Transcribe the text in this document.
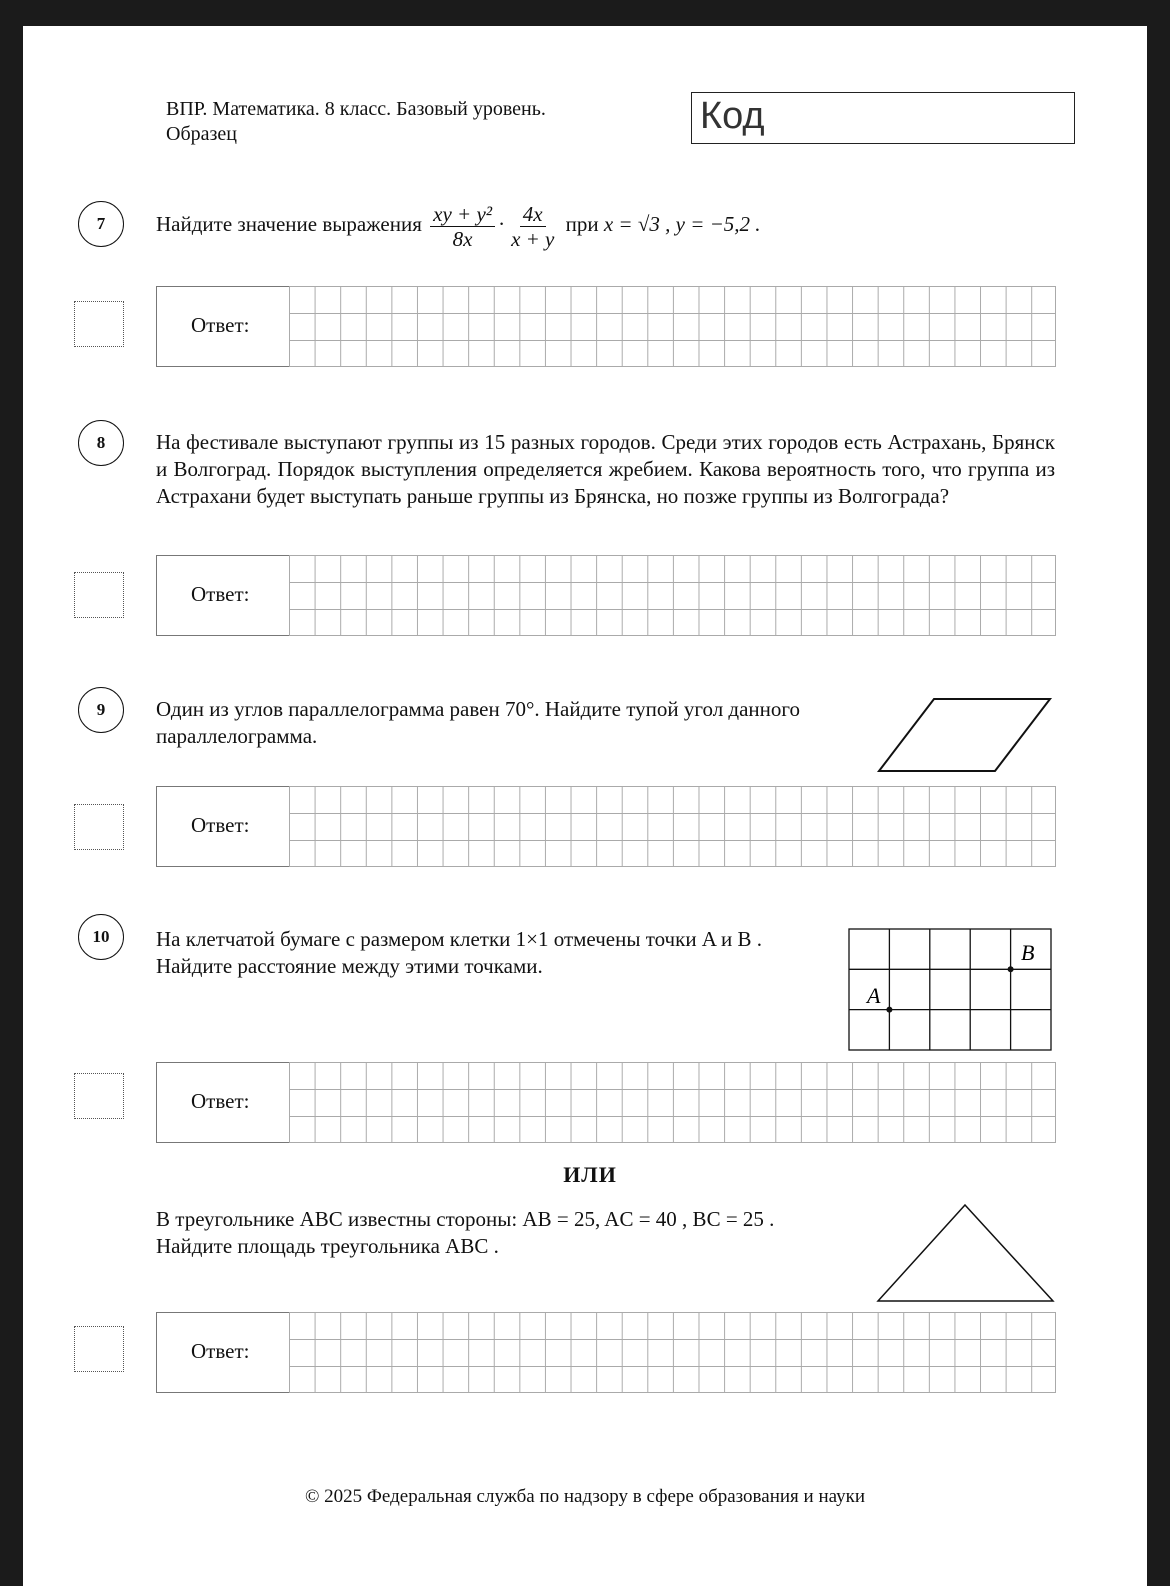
ВПР. Математика. 8 класс. Базовый уровень.
Образец	Код
7	Найдите значение выражения $\frac{\text{xy + y²}}{8x} \cdot \frac{4x}{x + y}$ при x = √3 , y = −5,2 .
Ответ:
8	На фестивале выступают группы из 15 разных городов. Среди этих городов есть Астрахань, Брянск и Волгоград. Порядок выступления определяется жребием. Какова вероятность того, что группа из Астрахани будет выступать раньше группы из Брянска, но позже группы из Волгограда?
Ответ:
9	Один из углов параллелограмма равен 70°. Найдите тупой угол данного параллелограмма.
Ответ:
10	На клетчатой бумаге с размером клетки 1×1 отмечены точки A и B .
Найдите расстояние между этими точками.
A
B
Ответ:
ИЛИ
В треугольнике ABC известны стороны: AB = 25, AC = 40 , BC = 25 .
Найдите площадь треугольника ABC .
Ответ:
© 2025 Федеральная служба по надзору в сфере образования и науки
